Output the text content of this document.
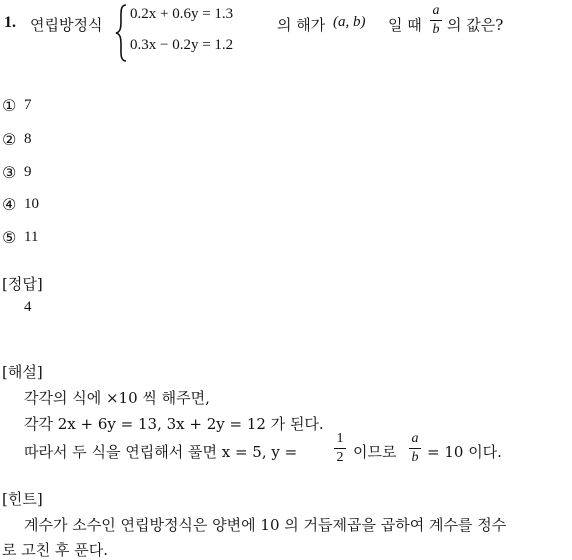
1. 연립방정식
0.2x + 0.6y = 1.3
0.3x − 0.2y = 1.2
의 해가 (a, b) 일 때
a
b 의 값은?
① 7
② 8
③ 9
④ 10
⑤ 11
[정답]
4
[해설]
각각의 식에 ×10 씩 해주면,
각각 2x + 6y = 13, 3x + 2y = 12 가 된다.
따라서 두 식을 연립해서 풀면 x = 5, y =
1
2 이므로
a
b = 10 이다.
[힌트]
계수가 소수인 연립방정식은 양변에 10 의 거듭제곱을 곱하여 계수를 정수
로 고친 후 푼다.
